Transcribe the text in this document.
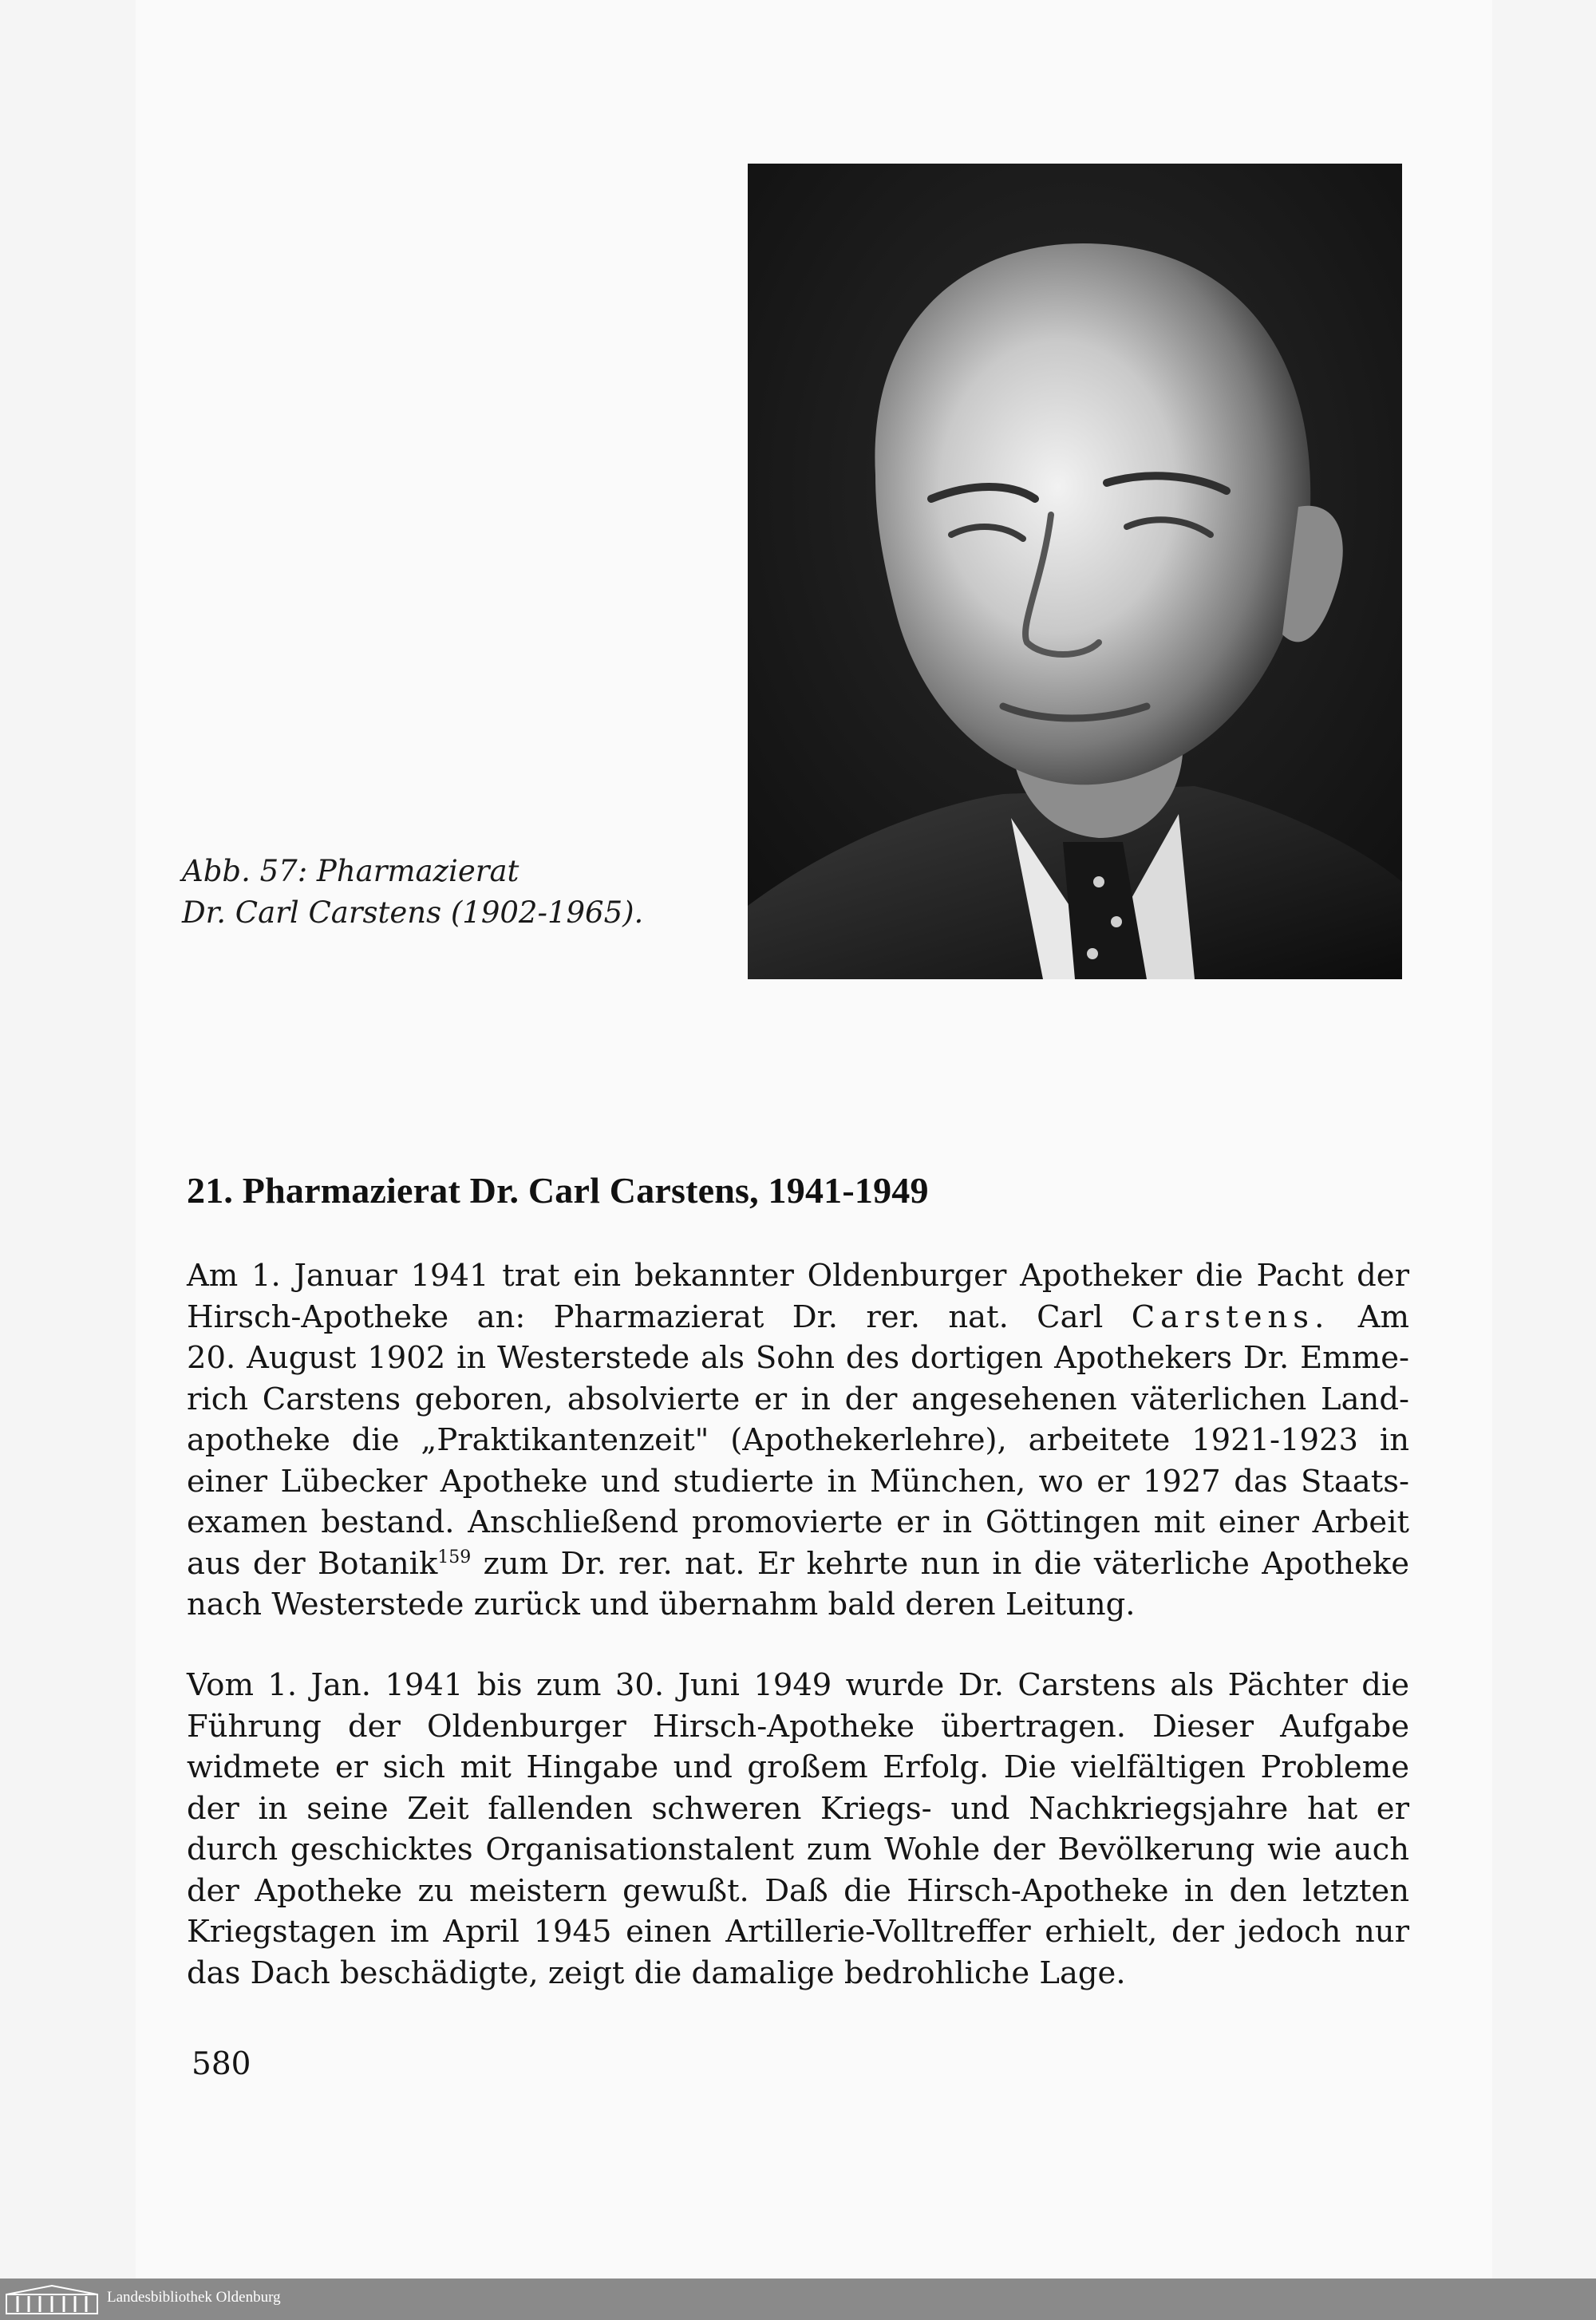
Abb. 57: Pharmazierat
Dr. Carl Carstens (1902-1965).
21. Pharmazierat Dr. Carl Carstens, 1941-1949
Am 1. Januar 1941 trat ein bekannter Oldenburger Apotheker die Pacht der
Hirsch-Apotheke an: Pharmazierat Dr. rer. nat. Carl Carstens. Am
20. August 1902 in Westerstede als Sohn des dortigen Apothekers Dr. Emme-
rich Carstens geboren, absolvierte er in der angesehenen väterlichen Land-
apotheke die „Praktikantenzeit" (Apothekerlehre), arbeitete 1921-1923 in
einer Lübecker Apotheke und studierte in München, wo er 1927 das Staats-
examen bestand. Anschließend promovierte er in Göttingen mit einer Arbeit
aus der Botanik$^{159}$ zum Dr. rer. nat. Er kehrte nun in die väterliche Apotheke
nach Westerstede zurück und übernahm bald deren Leitung.
Vom 1. Jan. 1941 bis zum 30. Juni 1949 wurde Dr. Carstens als Pächter die
Führung der Oldenburger Hirsch-Apotheke übertragen. Dieser Aufgabe
widmete er sich mit Hingabe und großem Erfolg. Die vielfältigen Probleme
der in seine Zeit fallenden schweren Kriegs- und Nachkriegsjahre hat er
durch geschicktes Organisationstalent zum Wohle der Bevölkerung wie auch
der Apotheke zu meistern gewußt. Daß die Hirsch-Apotheke in den letzten
Kriegstagen im April 1945 einen Artillerie-Volltreffer erhielt, der jedoch nur
das Dach beschädigte, zeigt die damalige bedrohliche Lage.
580
Landesbibliothek Oldenburg
